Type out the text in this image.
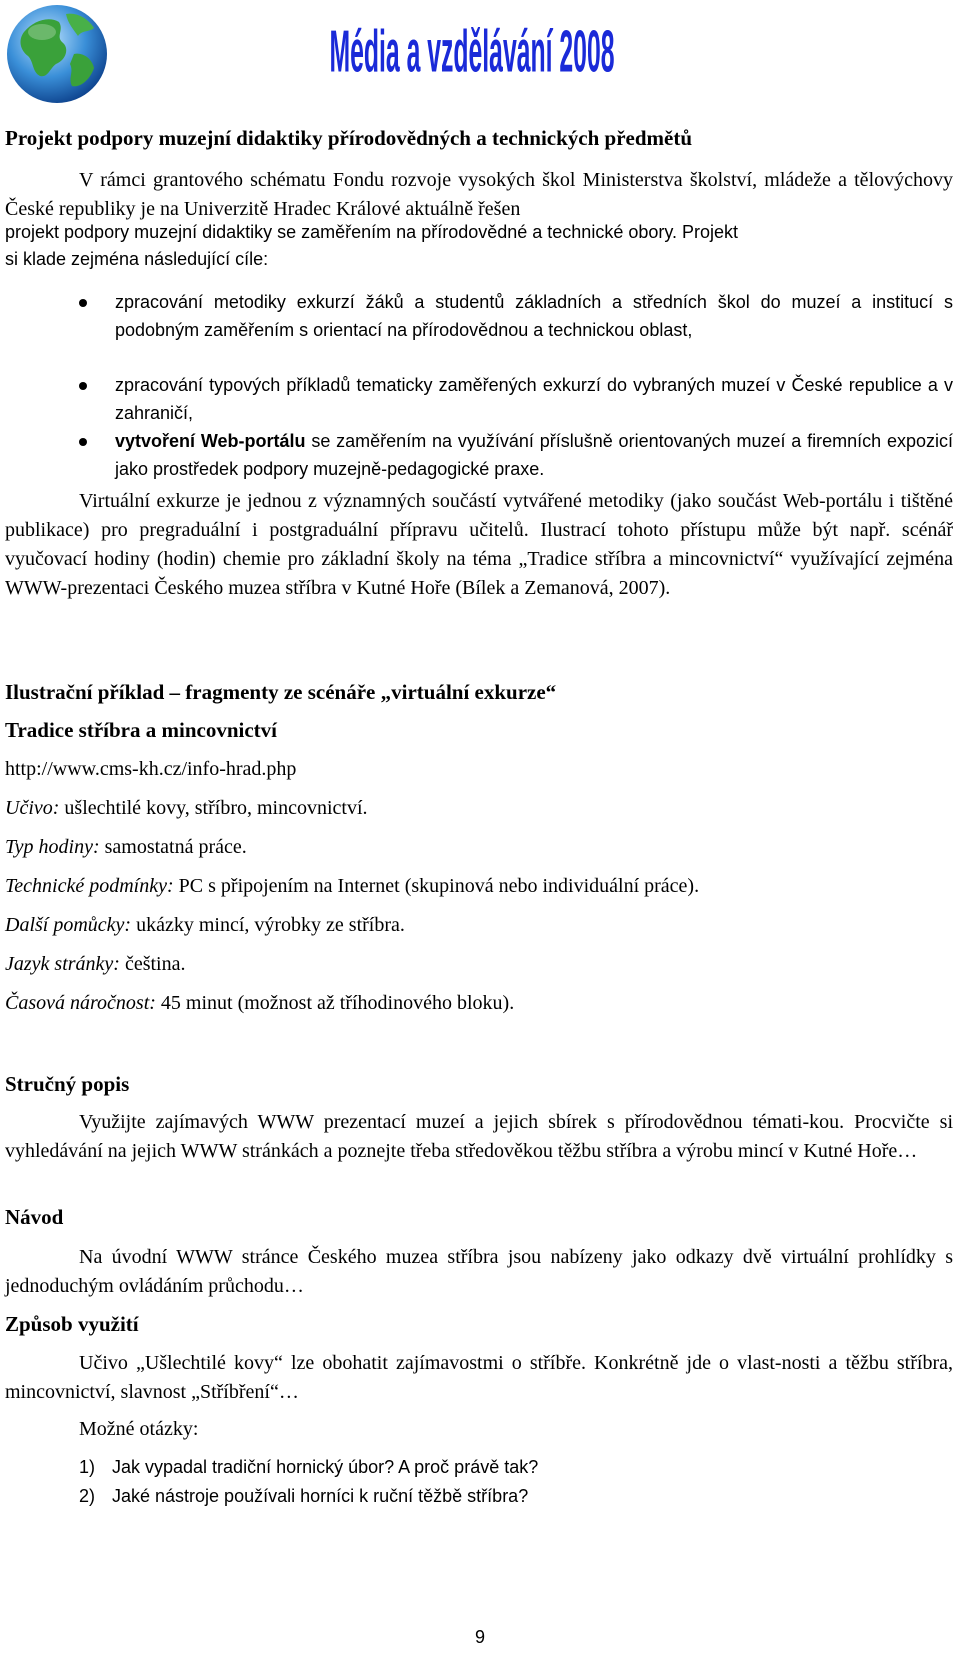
Média a vzdělávání 2008
Projekt podpory muzejní didaktiky přírodovědných a technických předmětů
V rámci grantového schématu Fondu rozvoje vysokých škol Ministerstva školství, mládeže a tělovýchovy České republiky je na Univerzitě Hradec Králové aktuálně řešen
projekt podpory muzejní didaktiky se zaměřením na přírodovědné a technické obory. Projekt
si klade zejména následující cíle:
zpracování metodiky exkurzí žáků a studentů základních a středních škol do muzeí a institucí s podobným zaměřením s orientací na přírodovědnou a technickou oblast,
zpracování typových příkladů tematicky zaměřených exkurzí do vybraných muzeí v České republice a v zahraničí,
vytvoření Web-portálu se zaměřením na využívání příslušně orientovaných muzeí a firemních expozicí jako prostředek podpory muzejně-pedagogické praxe.
Virtuální exkurze je jednou z významných součástí vytvářené metodiky (jako součást Web-portálu i tištěné publikace) pro pregraduální i postgraduální přípravu učitelů. Ilustrací tohoto přístupu může být např. scénář vyučovací hodiny (hodin) chemie pro základní školy na téma „Tradice stříbra a mincovnictví“ využívající zejména WWW-prezentaci Českého muzea stříbra v Kutné Hoře (Bílek a Zemanová, 2007).
Ilustrační příklad – fragmenty ze scénáře „virtuální exkurze“
Tradice stříbra a mincovnictví
http://www.cms-kh.cz/info-hrad.php
Učivo: ušlechtilé kovy, stříbro, mincovnictví.
Typ hodiny: samostatná práce.
Technické podmínky: PC s připojením na Internet (skupinová nebo individuální práce).
Další pomůcky: ukázky mincí, výrobky ze stříbra.
Jazyk stránky: čeština.
Časová náročnost: 45 minut (možnost až tříhodinového bloku).
Stručný popis
Využijte zajímavých WWW prezentací muzeí a jejich sbírek s přírodovědnou témati-kou. Procvičte si vyhledávání na jejich WWW stránkách a poznejte třeba středověkou těžbu stříbra a výrobu mincí v Kutné Hoře…
Návod
Na úvodní WWW stránce Českého muzea stříbra jsou nabízeny jako odkazy dvě virtuální prohlídky s jednoduchým ovládáním průchodu…
Způsob využití
Učivo „Ušlechtilé kovy“ lze obohatit zajímavostmi o stříbře. Konkrétně jde o vlast-nosti a těžbu stříbra, mincovnictví, slavnost „Stříbření“…
Možné otázky:
1) Jak vypadal tradiční hornický úbor? A proč právě tak?
2) Jaké nástroje používali horníci k ruční těžbě stříbra?
9
